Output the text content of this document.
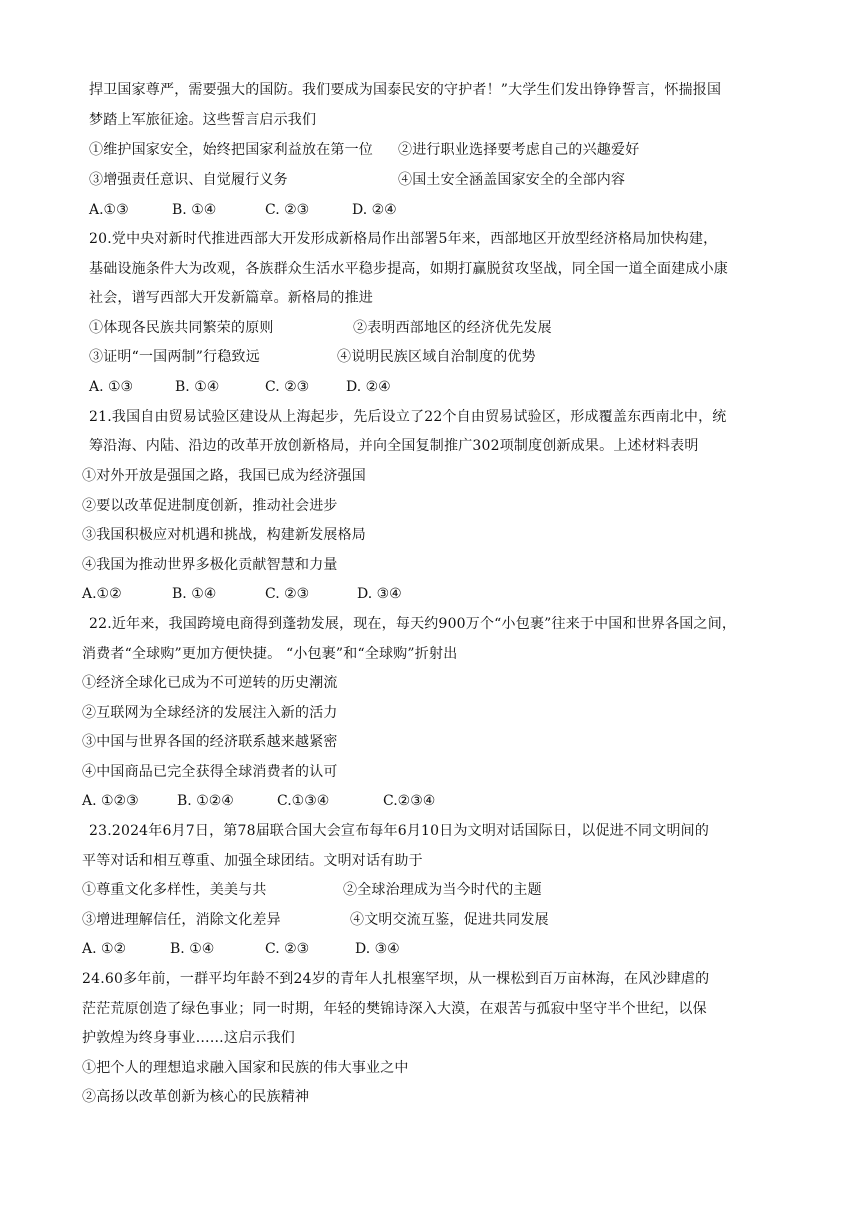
捍卫国家尊严，需要强大的国防。我们要成为国泰民安的守护者！”大学生们发出铮铮誓言，怀揣报国
梦踏上军旅征途。这些誓言启示我们
①维护国家安全，始终把国家利益放在第一位 ②进行职业选择要考虑自己的兴趣爱好
③增强责任意识、自觉履行义务	④国土安全涵盖国家安全的全部内容
A.①③	B. ①④	C. ②③	D. ②④
20.党中央对新时代推进西部大开发形成新格局作出部署5年来，西部地区开放型经济格局加快构建，
基础设施条件大为改观，各族群众生活水平稳步提高，如期打赢脱贫攻坚战，同全国一道全面建成小康
社会，谱写西部大开发新篇章。新格局的推进
①体现各民族共同繁荣的原则	②表明西部地区的经济优先发展
③证明“一国两制”行稳致远	④说明民族区域自治制度的优势
A. ①③	B. ①④	C. ②③	D. ②④
21.我国自由贸易试验区建设从上海起步，先后设立了22个自由贸易试验区，形成覆盖东西南北中，统
筹沿海、内陆、沿边的改革开放创新格局，并向全国复制推广302项制度创新成果。上述材料表明
①对外开放是强国之路，我国已成为经济强国
②要以改革促进制度创新，推动社会进步
③我国积极应对机遇和挑战，构建新发展格局
④我国为推动世界多极化贡献智慧和力量
A.①②	B. ①④	C. ②③	D. ③④
22.近年来，我国跨境电商得到蓬勃发展，现在，每天约900万个“小包裹”往来于中国和世界各国之间，
消费者“全球购”更加方便快捷。 “小包裹”和“全球购”折射出
①经济全球化已成为不可逆转的历史潮流
②互联网为全球经济的发展注入新的活力
③中国与世界各国的经济联系越来越紧密
④中国商品已完全获得全球消费者的认可
A. ①②③	B. ①②④	C.①③④	C.②③④
23.2024年6月7日，第78届联合国大会宣布每年6月10日为文明对话国际日，以促进不同文明间的
平等对话和相互尊重、加强全球团结。文明对话有助于
①尊重文化多样性，美美与共	②全球治理成为当今时代的主题
③增进理解信任，消除文化差异	④文明交流互鉴，促进共同发展
A. ①②	B. ①④	C. ②③	D. ③④
24.60多年前，一群平均年龄不到24岁的青年人扎根塞罕坝，从一棵松到百万亩林海，在风沙肆虐的
茫茫荒原创造了绿色事业；同一时期，年轻的樊锦诗深入大漠，在艰苦与孤寂中坚守半个世纪，以保
护敦煌为终身事业……这启示我们
①把个人的理想追求融入国家和民族的伟大事业之中
②高扬以改革创新为核心的民族精神
